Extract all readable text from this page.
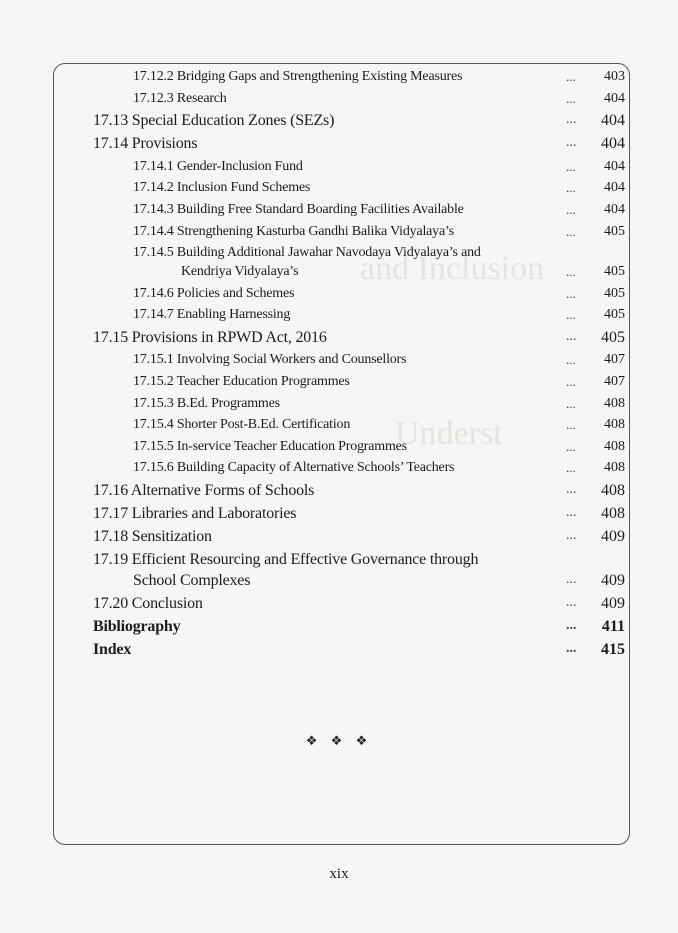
and Inclusion
Underst
17.12.2 Bridging Gaps and Strengthening Existing Measures	... 403
17.12.3 Research	... 404
17.13 Special Education Zones (SEZs)	... 404
17.14 Provisions	... 404
17.14.1 Gender-Inclusion Fund	... 404
17.14.2 Inclusion Fund Schemes	... 404
17.14.3 Building Free Standard Boarding Facilities Available	... 404
17.14.4 Strengthening Kasturba Gandhi Balika Vidyalaya’s	... 405
17.14.5 Building Additional Jawahar Navodaya Vidyalaya’s and
Kendriya Vidyalaya’s	... 405
17.14.6 Policies and Schemes	... 405
17.14.7 Enabling Harnessing	... 405
17.15 Provisions in RPWD Act, 2016	... 405
17.15.1 Involving Social Workers and Counsellors	... 407
17.15.2 Teacher Education Programmes	... 407
17.15.3 B.Ed. Programmes	... 408
17.15.4 Shorter Post-B.Ed. Certification	... 408
17.15.5 In-service Teacher Education Programmes	... 408
17.15.6 Building Capacity of Alternative Schools’ Teachers	... 408
17.16 Alternative Forms of Schools	... 408
17.17 Libraries and Laboratories	... 408
17.18 Sensitization	... 409
17.19 Efficient Resourcing and Effective Governance through
School Complexes	... 409
17.20 Conclusion	... 409
Bibliography	... 411
Index	... 415
❖ ❖ ❖
xix
